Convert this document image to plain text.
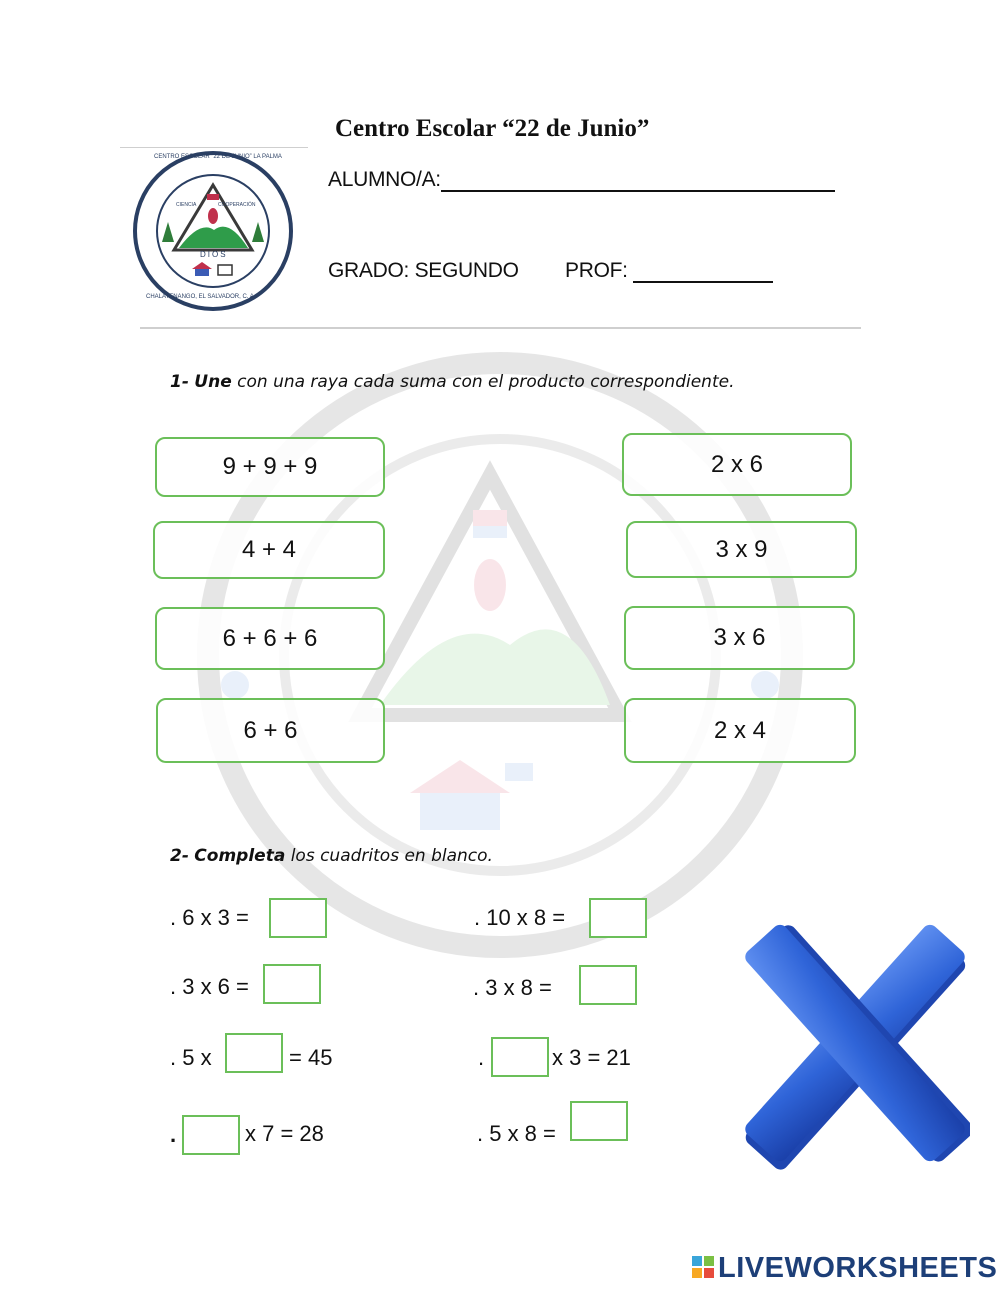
Centro Escolar “22 de Junio”
DIOS
CENTRO ESCOLAR “22 DE JUNIO” LA PALMA
CHALATENANGO, EL SALVADOR, C. A.
CIENCIA	COOPERACIÓN
ALUMNO/A:
GRADO: SEGUNDO PROF:
1- Une con una raya cada suma con el producto correspondiente.
9 + 9 + 9
4 + 4
6 + 6 + 6
6 + 6
2 x 6
3 x 9
3 x 6
2 x 4
2- Completa los cuadritos en blanco.
. 6 x 3 =
. 3 x 6 =
. 5 x	= 45
.	x 7 = 28
. 10 x 8 =
. 3 x 8 =
.	x 3 = 21
. 5 x 8 =
LIVEWORKSHEETS
